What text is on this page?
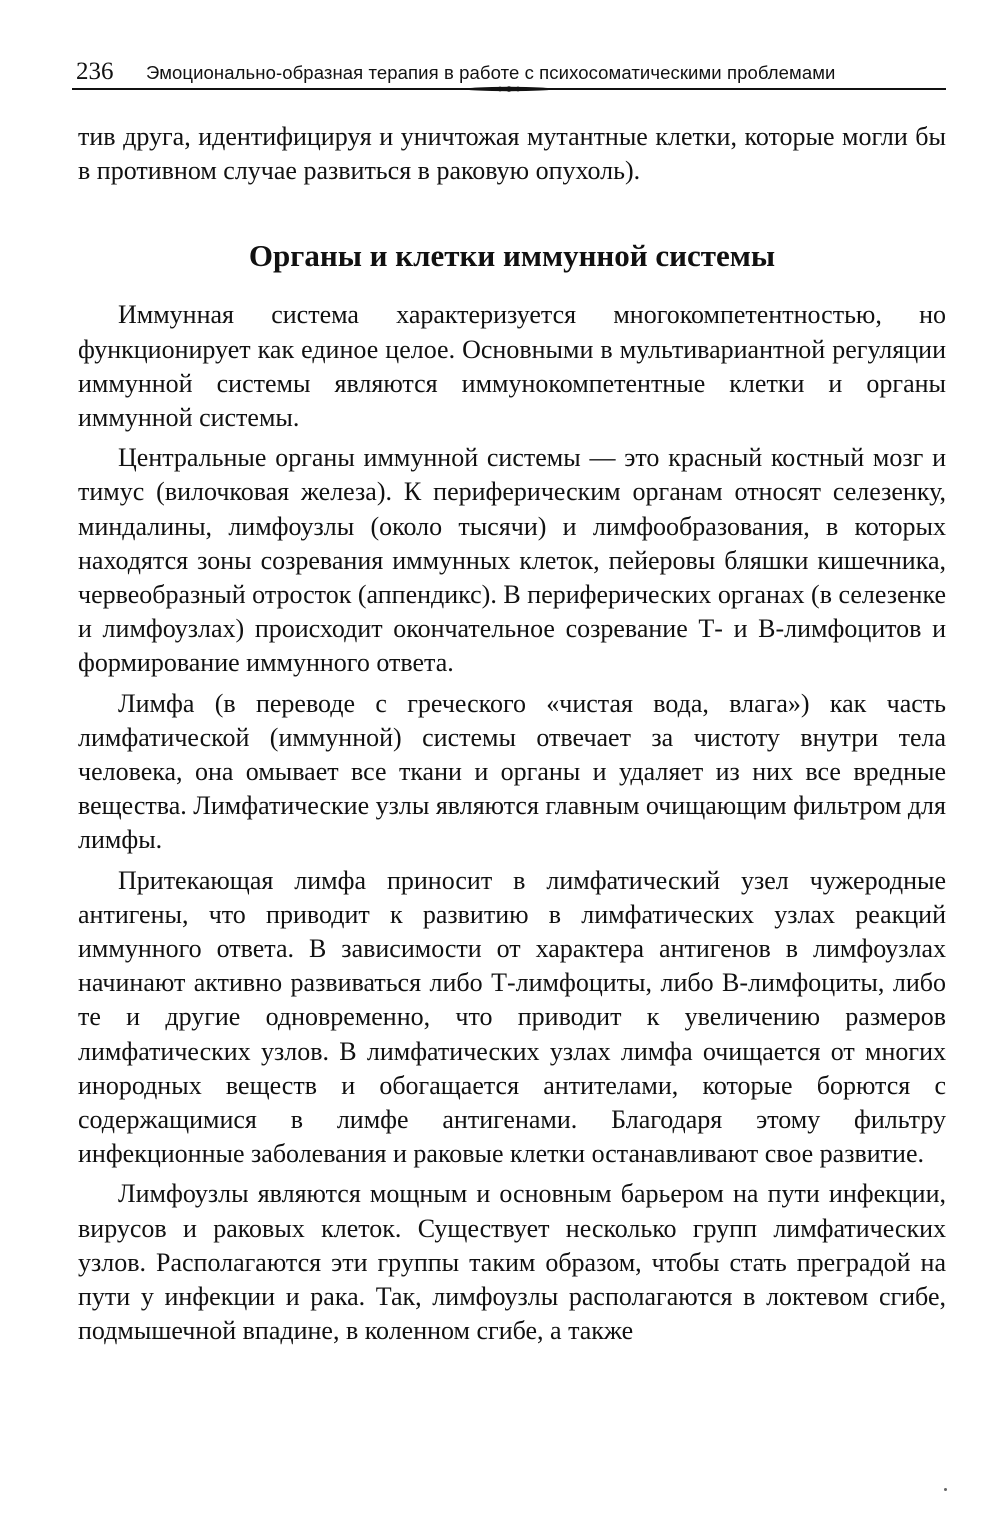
236 Эмоционально-образная терапия в работе с психосоматическими проблемами

тив друга, идентифицируя и уничтожая мутантные клетки, которые могли бы в противном случае развиться в раковую опухоль).

Органы и клетки иммунной системы

Иммунная система характеризуется многокомпетентностью, но функционирует как единое целое. Основными в мультивариантной регуляции иммунной системы являются иммунокомпетентные клетки и органы иммунной системы.

Центральные органы иммунной системы — это красный костный мозг и тимус (вилочковая железа). К периферическим органам относят селезенку, миндалины, лимфоузлы (около тысячи) и лимфообразования, в которых находятся зоны созревания иммунных клеток, пейеровы бляшки кишечника, червеобразный отросток (аппендикс). В периферических органах (в селезенке и лимфоузлах) происходит окончательное созревание Т- и В-лимфоцитов и формирование иммунного ответа.

Лимфа (в переводе с греческого «чистая вода, влага») как часть лимфатической (иммунной) системы отвечает за чистоту внутри тела человека, она омывает все ткани и органы и удаляет из них все вредные вещества. Лимфатические узлы являются главным очищающим фильтром для лимфы.

Притекающая лимфа приносит в лимфатический узел чужеродные антигены, что приводит к развитию в лимфатических узлах реакций иммунного ответа. В зависимости от характера антигенов в лимфоузлах начинают активно развиваться либо Т-лимфоциты, либо В-лимфоциты, либо те и другие одновременно, что приводит к увеличению размеров лимфатических узлов. В лимфатических узлах лимфа очищается от многих инородных веществ и обогащается антителами, которые борются с содержащимися в лимфе антигенами. Благодаря этому фильтру инфекционные заболевания и раковые клетки останавливают свое развитие.

Лимфоузлы являются мощным и основным барьером на пути инфекции, вирусов и раковых клеток. Существует несколько групп лимфатических узлов. Располагаются эти группы таким образом, чтобы стать преградой на пути у инфекции и рака. Так, лимфоузлы располагаются в локтевом сгибе, подмышечной впадине, в коленном сгибе, а также
